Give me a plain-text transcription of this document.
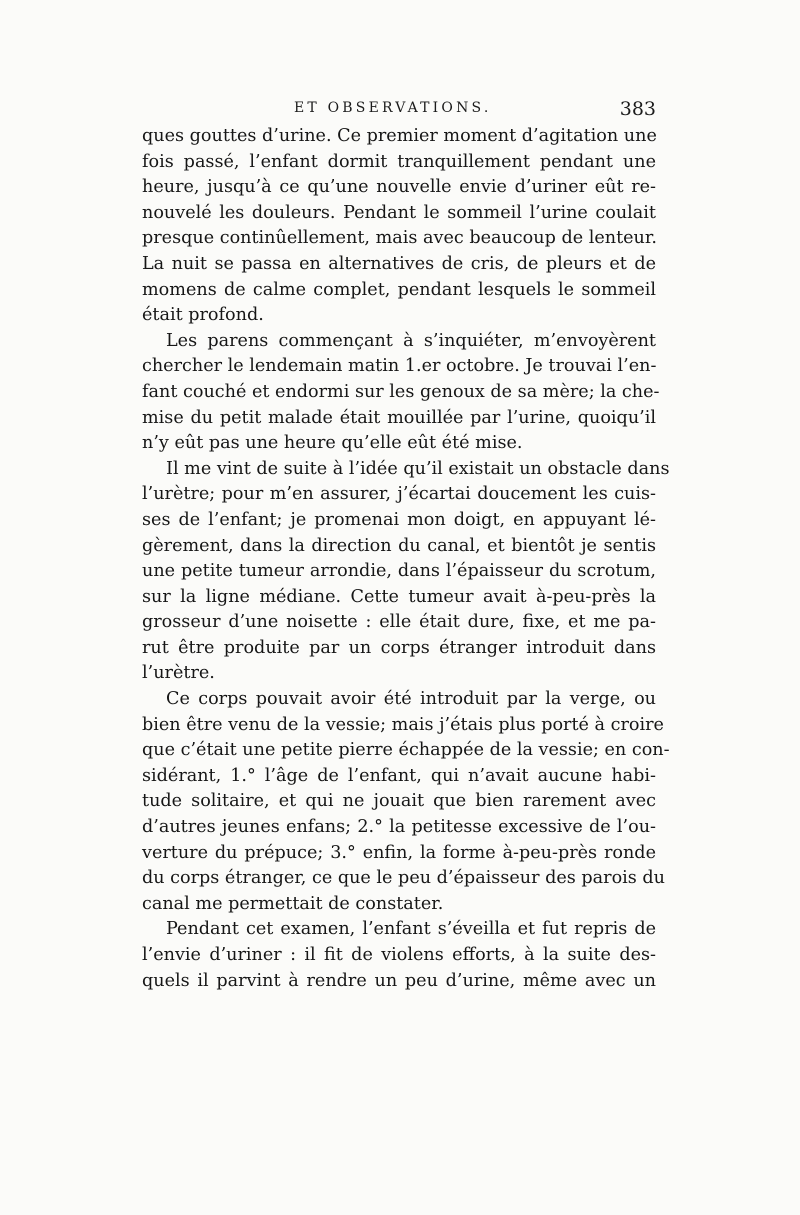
ET OBSERVATIONS.	383
ques gouttes d’urine. Ce premier moment d’agitation une
fois passé, l’enfant dormit tranquillement pendant une
heure, jusqu’à ce qu’une nouvelle envie d’uriner eût re-
nouvelé les douleurs. Pendant le sommeil l’urine coulait
presque continûellement, mais avec beaucoup de lenteur.
La nuit se passa en alternatives de cris, de pleurs et de
momens de calme complet, pendant lesquels le sommeil
était profond.
Les parens commençant à s’inquiéter, m’envoyèrent
chercher le lendemain matin 1.er octobre. Je trouvai l’en-
fant couché et endormi sur les genoux de sa mère; la che-
mise du petit malade était mouillée par l’urine, quoiqu’il
n’y eût pas une heure qu’elle eût été mise.
Il me vint de suite à l’idée qu’il existait un obstacle dans
l’urètre; pour m’en assurer, j’écartai doucement les cuis-
ses de l’enfant; je promenai mon doigt, en appuyant lé-
gèrement, dans la direction du canal, et bientôt je sentis
une petite tumeur arrondie, dans l’épaisseur du scrotum,
sur la ligne médiane. Cette tumeur avait à-peu-près la
grosseur d’une noisette : elle était dure, fixe, et me pa-
rut être produite par un corps étranger introduit dans
l’urètre.
Ce corps pouvait avoir été introduit par la verge, ou
bien être venu de la vessie; mais j’étais plus porté à croire
que c’était une petite pierre échappée de la vessie; en con-
sidérant, 1.° l’âge de l’enfant, qui n’avait aucune habi-
tude solitaire, et qui ne jouait que bien rarement avec
d’autres jeunes enfans; 2.° la petitesse excessive de l’ou-
verture du prépuce; 3.° enfin, la forme à-peu-près ronde
du corps étranger, ce que le peu d’épaisseur des parois du
canal me permettait de constater.
Pendant cet examen, l’enfant s’éveilla et fut repris de
l’envie d’uriner : il fit de violens efforts, à la suite des-
quels il parvint à rendre un peu d’urine, même avec un
